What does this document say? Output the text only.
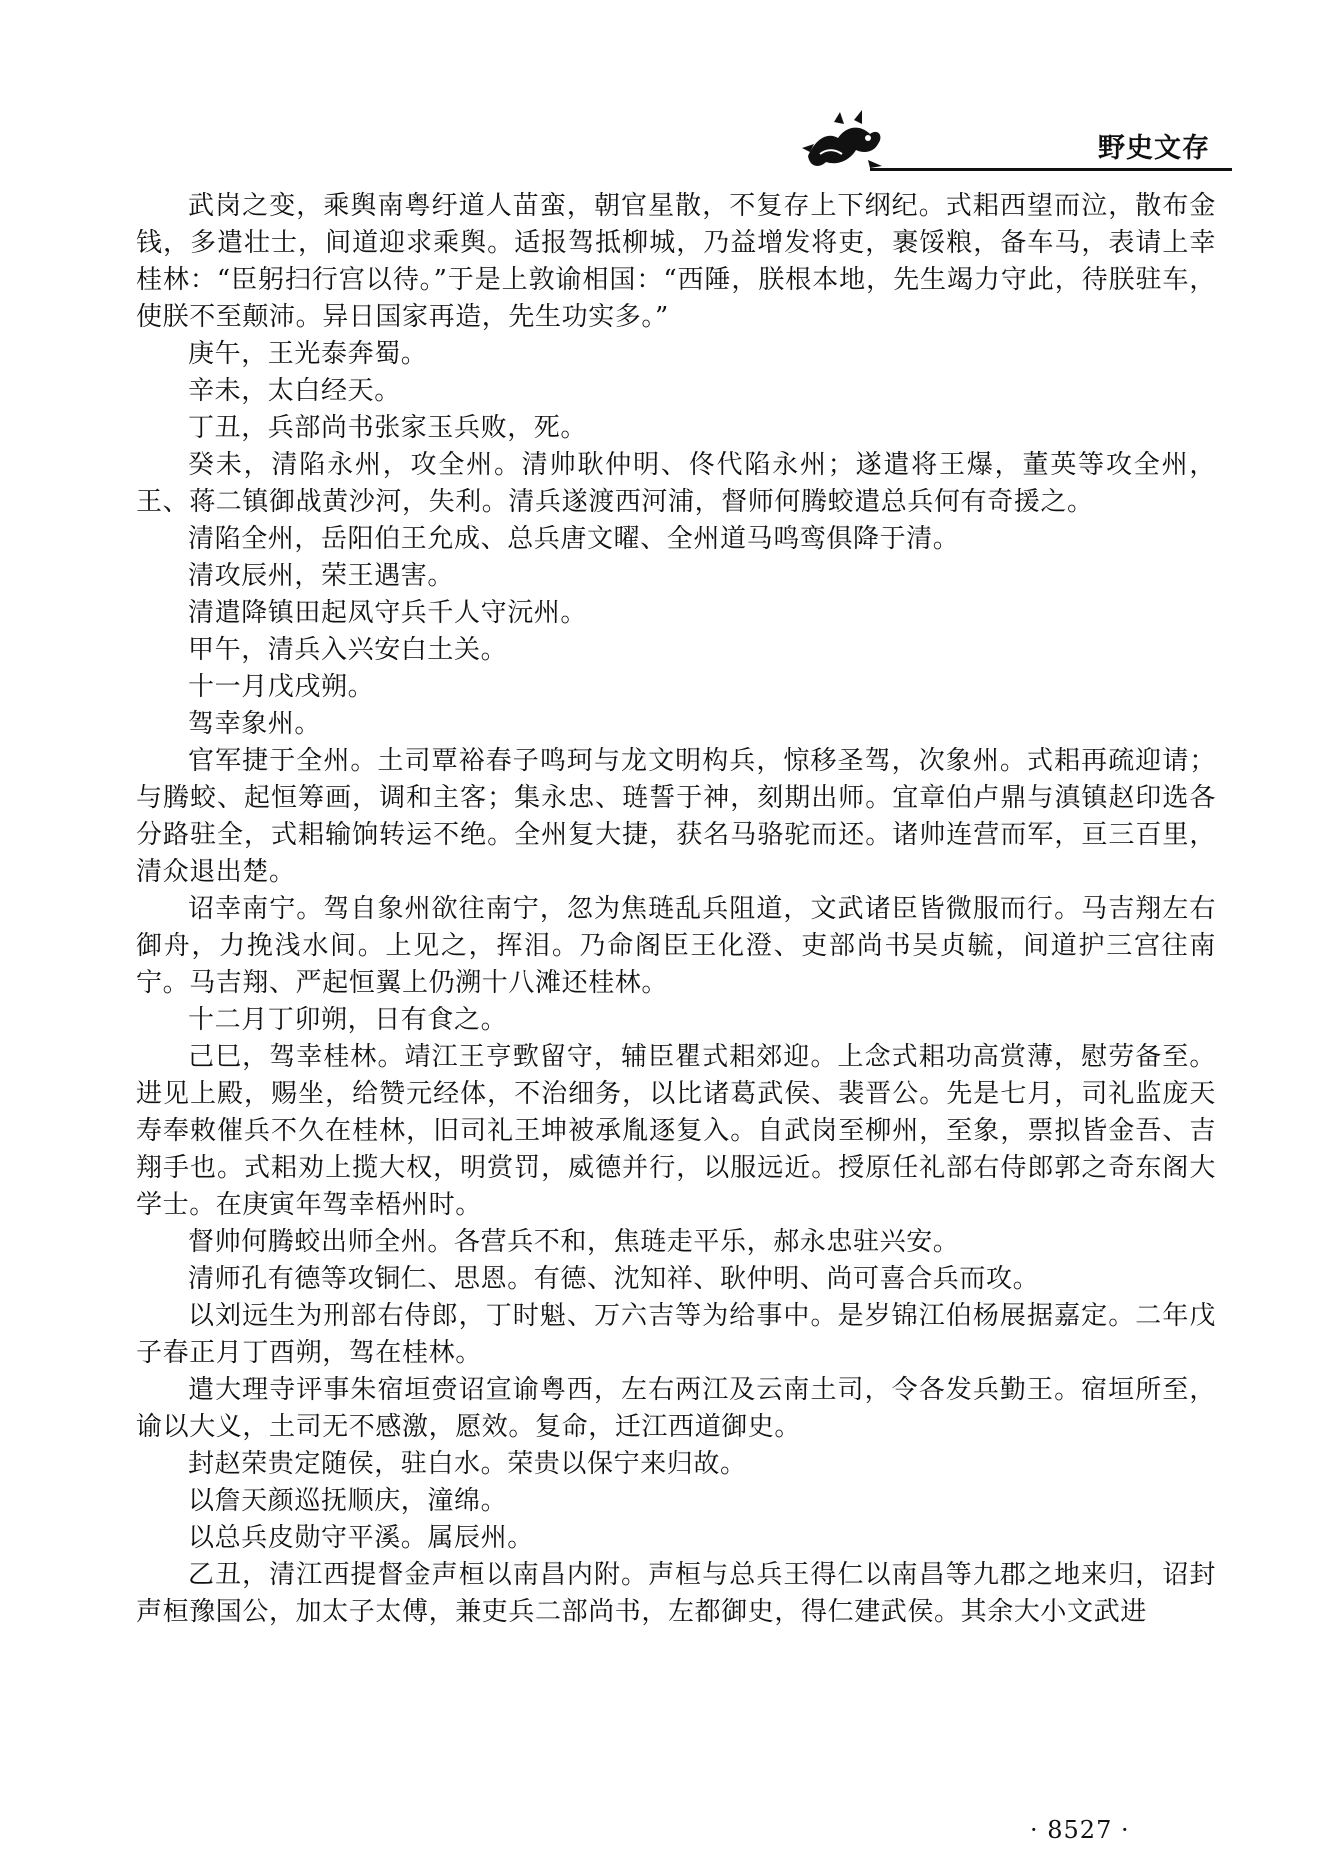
野史文存

武岗之变，乘舆南粤纡道人苗蛮，朝官星散，不复存上下纲纪。式耜西望而泣，散布金钱，多遣壮士，间道迎求乘舆。适报驾抵柳城，乃益增发将吏，裹馁粮，备车马，表请上幸桂林：“臣躬扫行宫以待。”于是上敦谕相国：“西陲，朕根本地，先生竭力守此，待朕驻车，使朕不至颠沛。异日国家再造，先生功实多。”

庚午，王光泰奔蜀。

辛未，太白经天。

丁丑，兵部尚书张家玉兵败，死。

癸未，清陷永州，攻全州。清帅耿仲明、佟代陷永州；遂遣将王爆，董英等攻全州，王、蒋二镇御战黄沙河，失利。清兵遂渡西河浦，督师何腾蛟遣总兵何有奇援之。

清陷全州，岳阳伯王允成、总兵唐文曜、全州道马鸣鸾俱降于清。

清攻辰州，荣王遇害。

清遣降镇田起凤守兵千人守沅州。

甲午，清兵入兴安白土关。

十一月戊戌朔。

驾幸象州。

官军捷于全州。土司覃裕春子鸣珂与龙文明构兵，惊移圣驾，次象州。式耜再疏迎请；与腾蛟、起恒筹画，调和主客；集永忠、琏誓于神，刻期出师。宜章伯卢鼎与滇镇赵印选各分路驻全，式耜输饷转运不绝。全州复大捷，获名马骆驼而还。诸帅连营而军，亘三百里，清众退出楚。

诏幸南宁。驾自象州欲往南宁，忽为焦琏乱兵阻道，文武诸臣皆微服而行。马吉翔左右御舟，力挽浅水间。上见之，挥泪。乃命阁臣王化澄、吏部尚书吴贞毓，间道护三宫往南宁。马吉翔、严起恒翼上仍溯十八滩还桂林。

十二月丁卯朔，日有食之。

己巳，驾幸桂林。靖江王亨歅留守，辅臣瞿式耜郊迎。上念式耜功高赏薄，慰劳备至。进见上殿，赐坐，给赞元经体，不治细务，以比诸葛武侯、裴晋公。先是七月，司礼监庞天寿奉敕催兵不久在桂林，旧司礼王坤被承胤逐复入。自武岗至柳州，至象，票拟皆金吾、吉翔手也。式耜劝上揽大权，明赏罚，威德并行，以服远近。授原任礼部右侍郎郭之奇东阁大学士。在庚寅年驾幸梧州时。

督帅何腾蛟出师全州。各营兵不和，焦琏走平乐，郝永忠驻兴安。

清师孔有德等攻铜仁、思恩。有德、沈知祥、耿仲明、尚可喜合兵而攻。

以刘远生为刑部右侍郎，丁时魁、万六吉等为给事中。是岁锦江伯杨展据嘉定。二年戊子春正月丁酉朔，驾在桂林。

遣大理寺评事朱宿垣赍诏宣谕粤西，左右两江及云南土司，令各发兵勤王。宿垣所至，谕以大义，土司无不感激，愿效。复命，迁江西道御史。

封赵荣贵定随侯，驻白水。荣贵以保宁来归故。

以詹天颜巡抚顺庆，潼绵。

以总兵皮勋守平溪。属辰州。

乙丑，清江西提督金声桓以南昌内附。声桓与总兵王得仁以南昌等九郡之地来归，诏封声桓豫国公，加太子太傅，兼吏兵二部尚书，左都御史，得仁建武侯。其余大小文武进

· 8527 ·
